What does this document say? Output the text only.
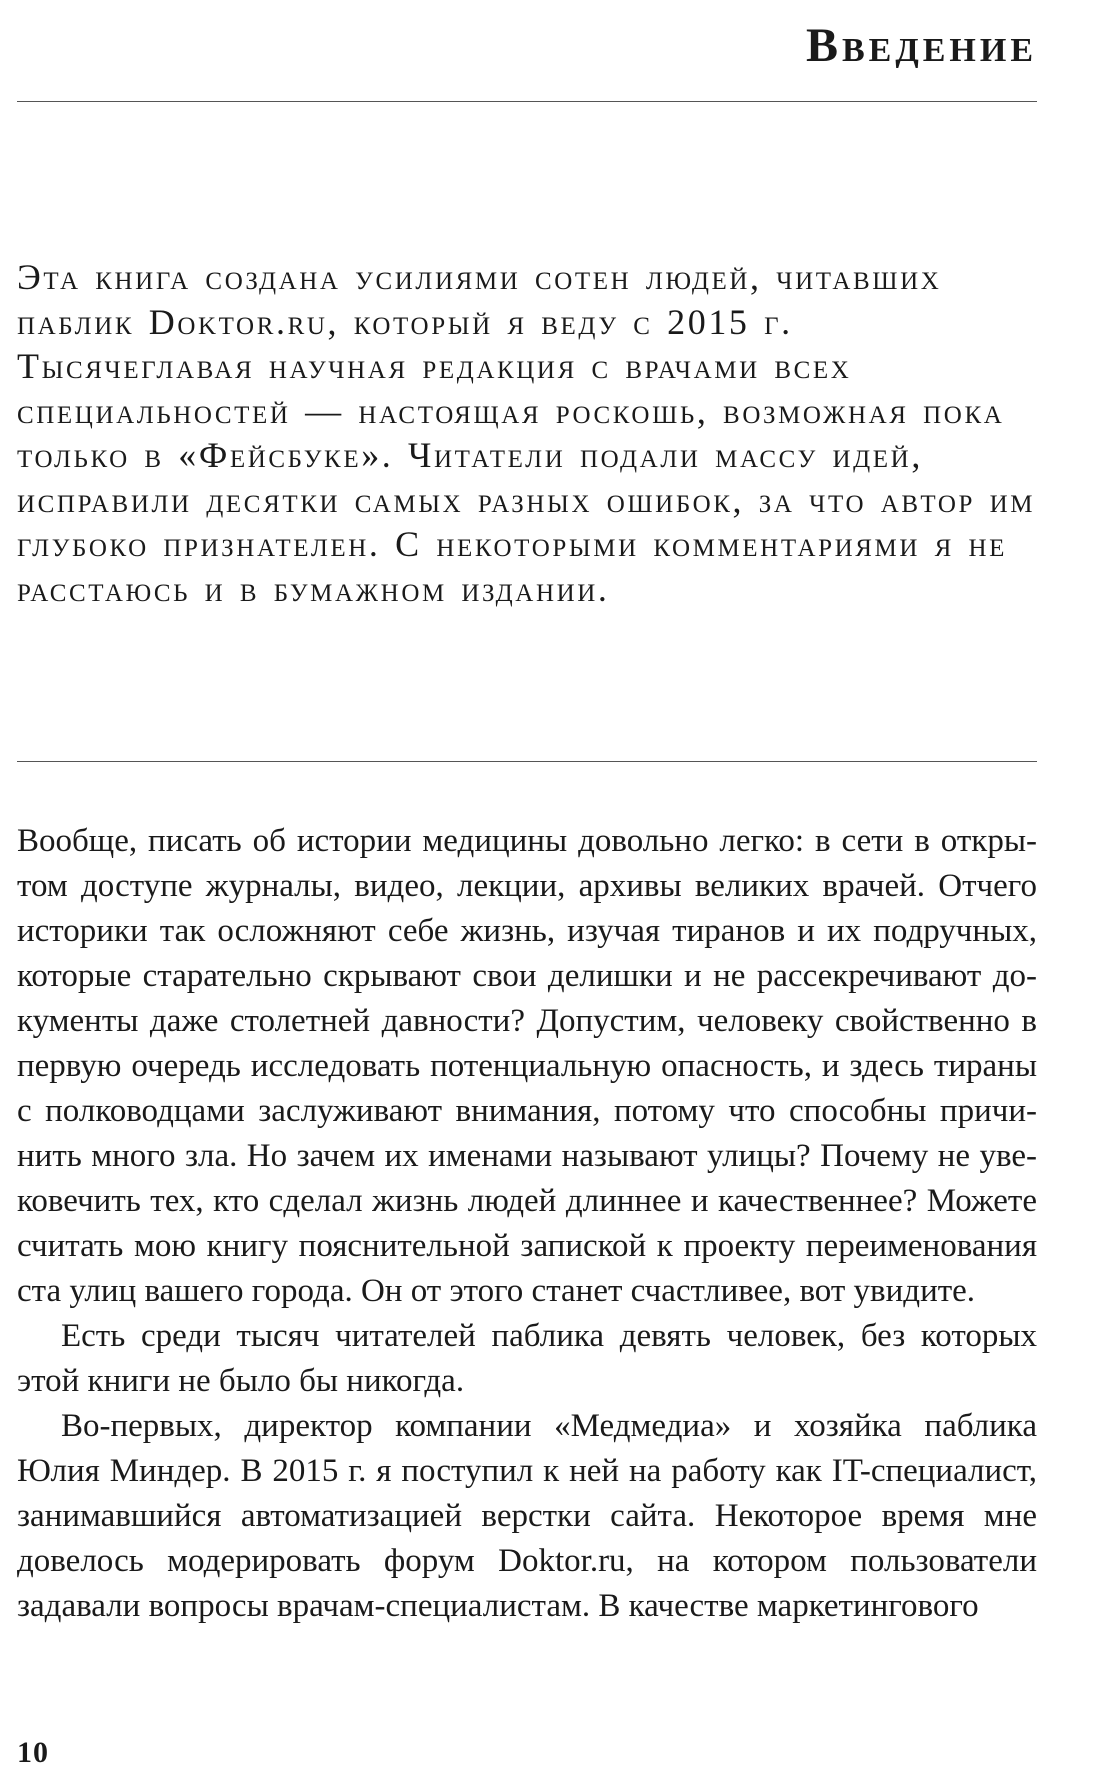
Введение

Эта книга создана усилиями сотен людей, читавших паблик Doktor.ru, который я веду с 2015 г. Тысячеглавая научная редакция с врачами всех специальностей — настоящая роскошь, возможная пока только в «Фейсбуке». Читатели подали массу идей, исправили десятки самых разных ошибок, за что автор им глубоко признателен. С некоторыми комментариями я не расстаюсь и в бумажном издании.

Вообще, писать об истории медицины довольно легко: в сети в открытом доступе журналы, видео, лекции, архивы великих врачей. Отчего историки так осложняют себе жизнь, изучая тиранов и их подручных, которые старательно скрывают свои делишки и не рассекречивают документы даже столетней давности? Допустим, человеку свойственно в первую очередь исследовать потенциальную опасность, и здесь тираны с полководцами заслуживают внимания, потому что способны причинить много зла. Но зачем их именами называют улицы? Почему не увековечить тех, кто сделал жизнь людей длиннее и качественнее? Можете считать мою книгу пояснительной запиской к проекту переименования ста улиц вашего города. Он от этого станет счастливее, вот увидите.

Есть среди тысяч читателей паблика девять человек, без которых этой книги не было бы никогда.

Во-первых, директор компании «Медмедиа» и хозяйка паблика Юлия Миндер. В 2015 г. я поступил к ней на работу как IT-специалист, занимавшийся автоматизацией верстки сайта. Некоторое время мне довелось модерировать форум Doktor.ru, на котором пользователи задавали вопросы врачам-специалистам. В качестве маркетингового

10
